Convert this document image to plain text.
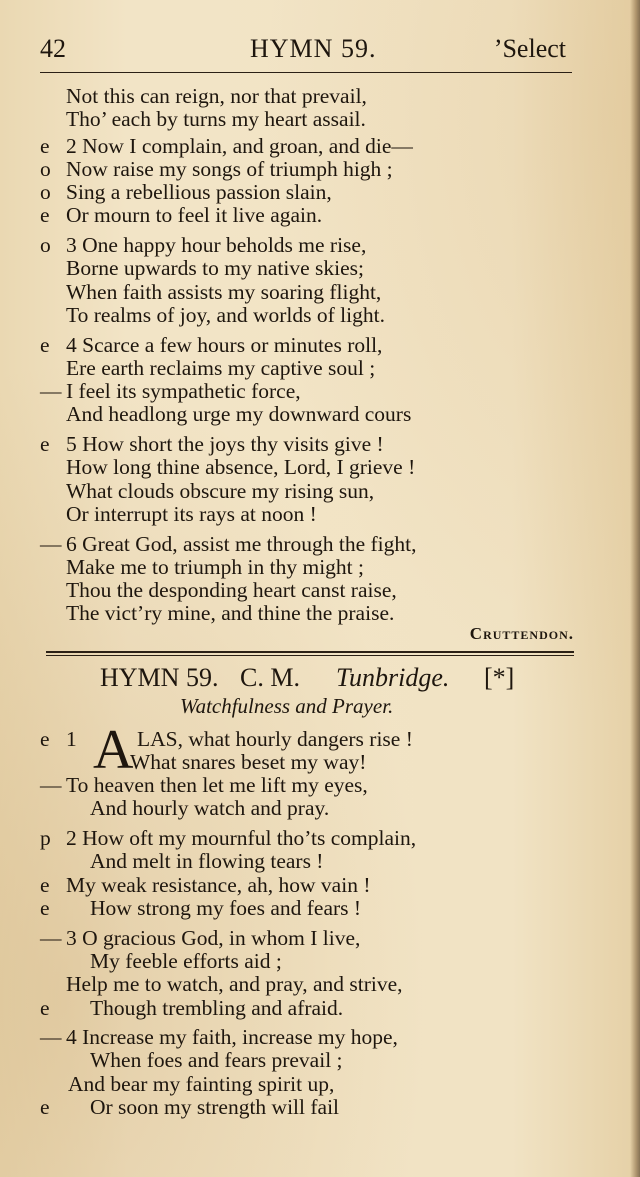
42	HYMN 59.	’Select
Not this can reign, nor that prevail,
Tho’ each by turns my heart assail.
e 2 Now I complain, and groan, and die—
o Now raise my songs of triumph high ;
o Sing a rebellious passion slain,
e Or mourn to feel it live again.
o 3 One happy hour beholds me rise,
Borne upwards to my native skies;
When faith assists my soaring flight,
To realms of joy, and worlds of light.
e 4 Scarce a few hours or minutes roll,
Ere earth reclaims my captive soul ;
— I feel its sympathetic force,
And headlong urge my downward cours
e 5 How short the joys thy visits give !
How long thine absence, Lord, I grieve !
What clouds obscure my rising sun,
Or interrupt its rays at noon !
— 6 Great God, assist me through the fight,
Make me to triumph in thy might ;
Thou the desponding heart canst raise,
The vict’ry mine, and thine the praise.
Cruttendon.
HYMN 59. C. M. Tunbridge. [*]
Watchfulness and Prayer.
A
e 1	LAS, what hourly dangers rise !
What snares beset my way!
— To heaven then let me lift my eyes,
And hourly watch and pray.
p 2 How oft my mournful tho’ts complain,
And melt in flowing tears !
e My weak resistance, ah, how vain !
e	How strong my foes and fears !
— 3 O gracious God, in whom I live,
My feeble efforts aid ;
Help me to watch, and pray, and strive,
e	Though trembling and afraid.
— 4 Increase my faith, increase my hope,
When foes and fears prevail ;
And bear my fainting spirit up,
e	Or soon my strength will fail
